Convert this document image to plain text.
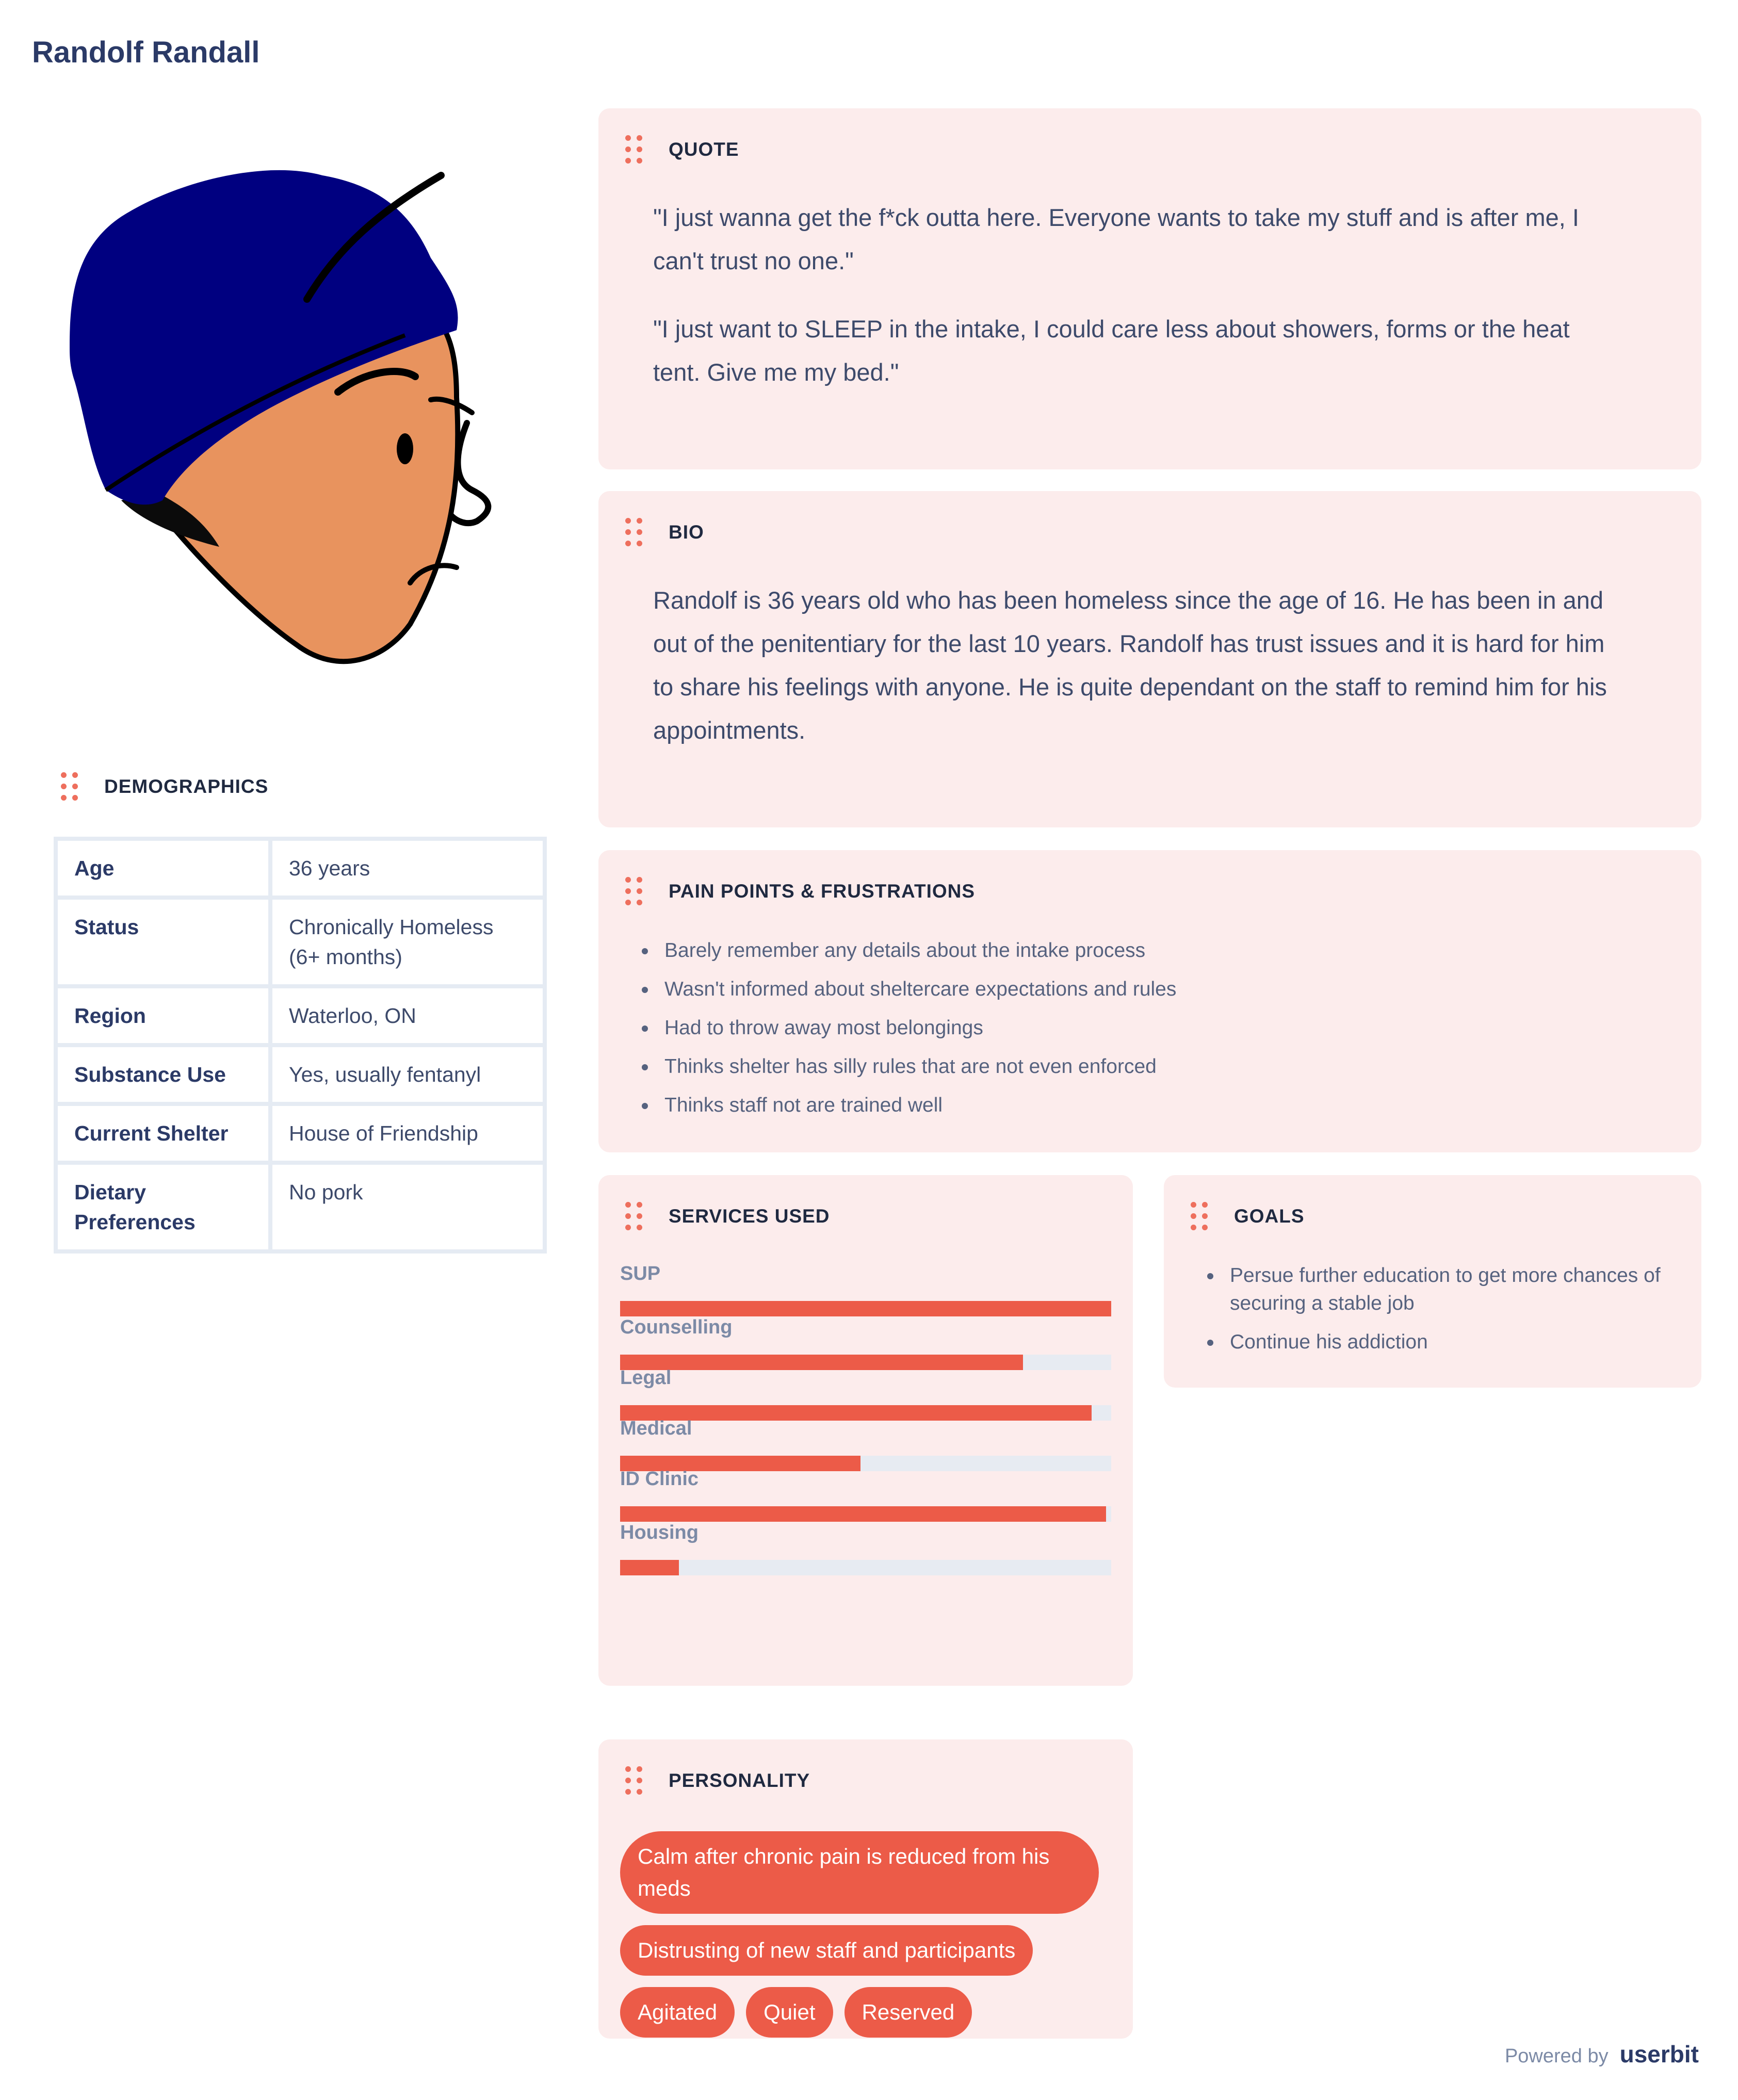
Randolf Randall
QUOTE

"I just wanna get the f*ck outta here. Everyone wants to take my stuff and is after me, I can't trust no one."

"I just want to SLEEP in the intake, I could care less about showers, forms or the heat tent. Give me my bed."

BIO

Randolf is 36 years old who has been homeless since the age of 16. He has been in and out of the penitentiary for the last 10 years. Randolf has trust issues and it is hard for him to share his feelings with anyone. He is quite dependant on the staff to remind him for his appointments.

PAIN POINTS & FRUSTRATIONS
Barely remember any details about the intake process
Wasn't informed about sheltercare expectations and rules
Had to throw away most belongings
Thinks shelter has silly rules that are not even enforced
Thinks staff not are trained well
SERVICES USED
SUP
Counselling
Legal
Medical
ID Clinic
Housing
GOALS
Persue further education to get more chances of securing a stable job
Continue his addiction
PERSONALITY
Calm after chronic pain is reduced from his meds
Distrusting of new staff and participants
Agitated	Quiet	Reserved
DEMOGRAPHICS
Age	36 years
Status	Chronically Homeless (6+ months)
Region	Waterloo, ON
Substance Use	Yes, usually fentanyl
Current Shelter	House of Friendship
Dietary Preferences	No pork
Powered by userbit
